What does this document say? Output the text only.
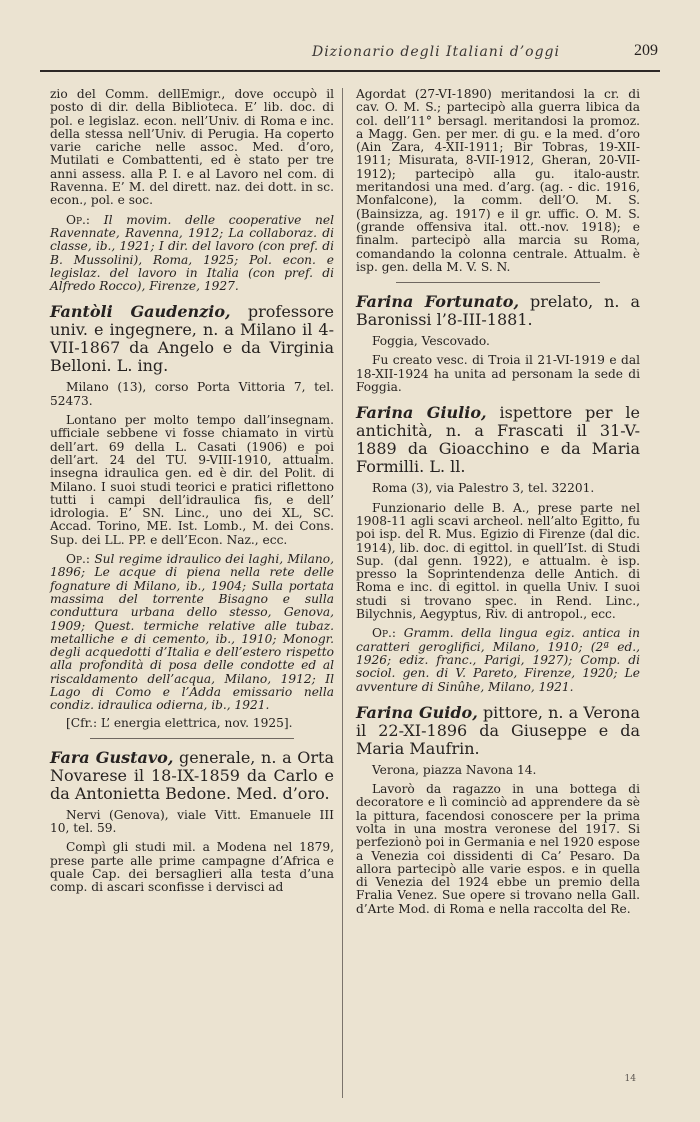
Dizionario degli Italiani d’oggi	209

zio del Comm. dellEmigr., dove occupò il posto di dir. della Biblioteca. E’ lib. doc. di pol. e legislaz. econ. nell’Univ. di Roma e inc. della stessa nell’Univ. di Perugia. Ha coperto varie cariche nelle assoc. Med. d’oro, Mutilati e Combattenti, ed è stato per tre anni assess. alla P. I. e al Lavoro nel com. di Ravenna. E’ M. del dirett. naz. dei dott. in sc. econ., pol. e soc.

Op.: Il movim. delle cooperative nel Ravennate, Ravenna, 1912; La collaboraz. di classe, ib., 1921; I dir. del lavoro (con pref. di B. Mussolini), Roma, 1925; Pol. econ. e legislaz. del lavoro in Italia (con pref. di Alfredo Rocco), Firenze, 1927.

Fantòli Gaudenzio, professore univ. e ingegnere, n. a Milano il 4-VII-1867 da Angelo e da Virginia Belloni. L. ing.

Milano (13), corso Porta Vittoria 7, tel. 52473.

Lontano per molto tempo dall’insegnam. ufficiale sebbene vi fosse chiamato in virtù dell’art. 69 della L. Casati (1906) e poi dell’art. 24 del TU. 9-VIII-1910, attualm. insegna idraulica gen. ed è dir. del Polit. di Milano. I suoi studi teorici e pratici riflettono tutti i campi dell’idraulica fis, e dell’ idrologia. E’ SN. Linc., uno dei XL, SC. Accad. Torino, ME. Ist. Lomb., M. dei Cons. Sup. dei LL. PP. e dell’Econ. Naz., ecc.

Op.: Sul regime idraulico dei laghi, Milano, 1896; Le acque di piena nella rete delle fognature di Milano, ib., 1904; Sulla portata massima del torrente Bisagno e sulla conduttura urbana dello stesso, Genova, 1909; Quest. termiche relative alle tubaz. metalliche e di cemento, ib., 1910; Monogr. degli acquedotti d’Italia e dell’estero rispetto alla profondità di posa delle condotte ed al riscaldamento dell’acqua, Milano, 1912; Il Lago di Como e l’Adda emissario nella condiz. idraulica odierna, ib., 1921.

[Cfr.: L’ energia elettrica, nov. 1925].

Fara Gustavo, generale, n. a Orta Novarese il 18-IX-1859 da Carlo e da Antonietta Bedone. Med. d’oro.

Nervi (Genova), viale Vitt. Emanuele III 10, tel. 59.

Compì gli studi mil. a Modena nel 1879, prese parte alle prime campagne d’Africa e quale Cap. dei bersaglieri alla testa d’una comp. di ascari sconfisse i dervisci ad

Agordat (27-VI-1890) meritandosi la cr. di cav. O. M. S.; partecipò alla guerra libica da col. dell’11° bersagl. meritandosi la promoz. a Magg. Gen. per mer. di gu. e la med. d’oro (Ain Zara, 4-XII-1911; Bir Tobras, 19-XII-1911; Misurata, 8-VII-1912, Gheran, 20-VII-1912); partecipò alla gu. italo-austr. meritandosi una med. d’arg. (ag. - dic. 1916, Monfalcone), la comm. dell’O. M. S. (Bainsizza, ag. 1917) e il gr. uffic. O. M. S. (grande offensiva ital. ott.-nov. 1918); e finalm. partecipò alla marcia su Roma, comandando la colonna centrale. Attualm. è isp. gen. della M. V. S. N.

Farina Fortunato, prelato, n. a Baronissi l’8-III-1881.

Foggia, Vescovado.

Fu creato vesc. di Troia il 21-VI-1919 e dal 18-XII-1924 ha unita ad personam la sede di Foggia.

Farina Giulio, ispettore per le antichità, n. a Frascati il 31-V-1889 da Gioacchino e da Maria Formilli. L. ll.

Roma (3), via Palestro 3, tel. 32201.

Funzionario delle B. A., prese parte nel 1908-11 agli scavi archeol. nell’alto Egitto, fu poi isp. del R. Mus. Egizio di Firenze (dal dic. 1914), lib. doc. di egittol. in quell’Ist. di Studi Sup. (dal genn. 1922), e attualm. è isp. presso la Soprintendenza delle Antich. di Roma e inc. di egittol. in quella Univ. I suoi studi si trovano spec. in Rend. Linc., Bilychnis, Aegyptus, Riv. di antropol., ecc.

Op.: Gramm. della lingua egiz. antica in caratteri geroglifici, Milano, 1910; (2ª ed., 1926; ediz. franc., Parigi, 1927); Comp. di sociol. gen. di V. Pareto, Firenze, 1920; Le avventure di Sinûhe, Milano, 1921.

Farina Guido, pittore, n. a Verona il 22-XI-1896 da Giuseppe e da Maria Maufrin.

Verona, piazza Navona 14.

Lavorò da ragazzo in una bottega di decoratore e lì cominciò ad apprendere da sè la pittura, facendosi conoscere per la prima volta in una mostra veronese del 1917. Si perfezionò poi in Germania e nel 1920 espose a Venezia coi dissidenti di Ca’ Pesaro. Da allora partecipò alle varie espos. e in quella di Venezia del 1924 ebbe un premio della Fralia Venez. Sue opere si trovano nella Gall. d’Arte Mod. di Roma e nella raccolta del Re.

14
